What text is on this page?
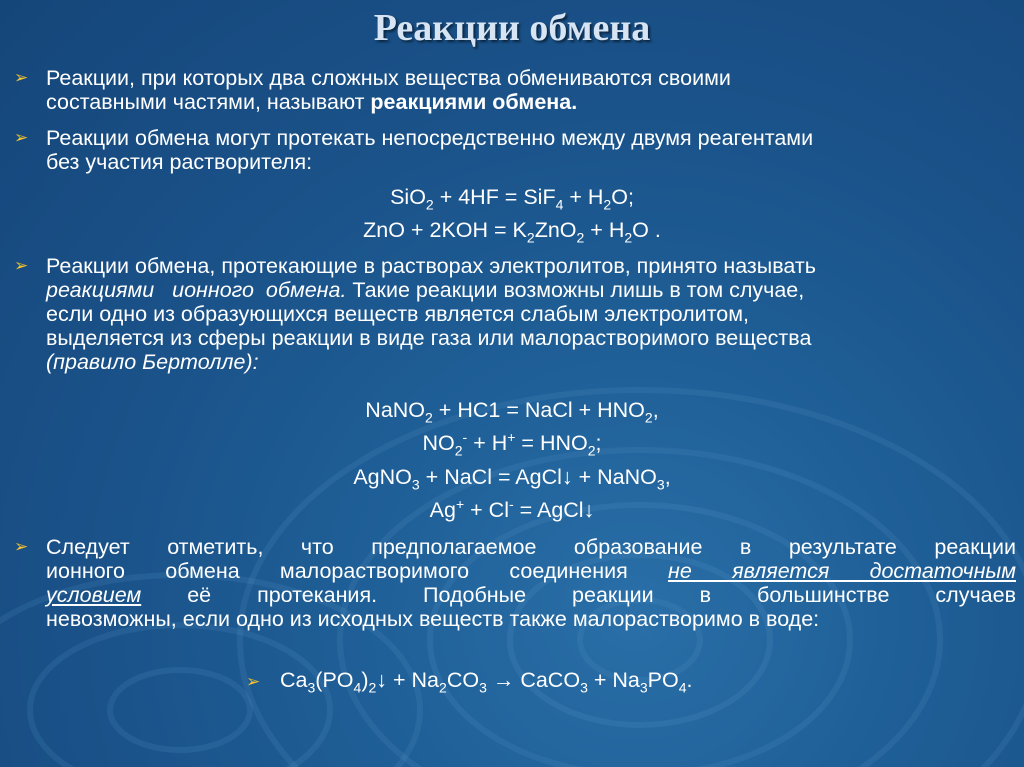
Реакции обмена
➢ Реакции, при которых два сложных вещества обмениваются своими
составными частями, называют реакциями обмена.
➢ Реакции обмена могут протекать непосредственно между двумя реагентами
без участия растворителя:
$SiO_2 + 4HF = SiF_4 + H_2O$;
ZnO + $2KOH = K_2ZnO_2 + H_2O$ .
➢ Реакции обмена, протекающие в растворах электролитов, принято называть
реакциями   ионного  обмена. Такие реакции возможны лишь в том случае,
если одно из образующихся веществ является слабым электролитом,
выделяется из сферы реакции в виде газа или малорастворимого вещества
(правило Бертолле):
NaNO$_2$ + HC1 = NaCl + $HNO_2$,
$NO_2^- + H^+ = HNO_2$;
AgNO$_3$ + NaCl = AgCl↓ + NaNO$_3$,
Ag+ + Cl- = AgCl↓
➢ Следует отметить, что предполагаемое образование в результате реакции
ионного обмена малорастворимого соединения не является достаточным
условием её протекания. Подобные реакции в большинстве случаев
невозможны, если одно из исходных веществ также малорастворимо в воде:
➢ $Ca_3(PO_4)_2↓ + Na_2CO_3$ → CaCO$_3$ + $Na_3PO_4$.
